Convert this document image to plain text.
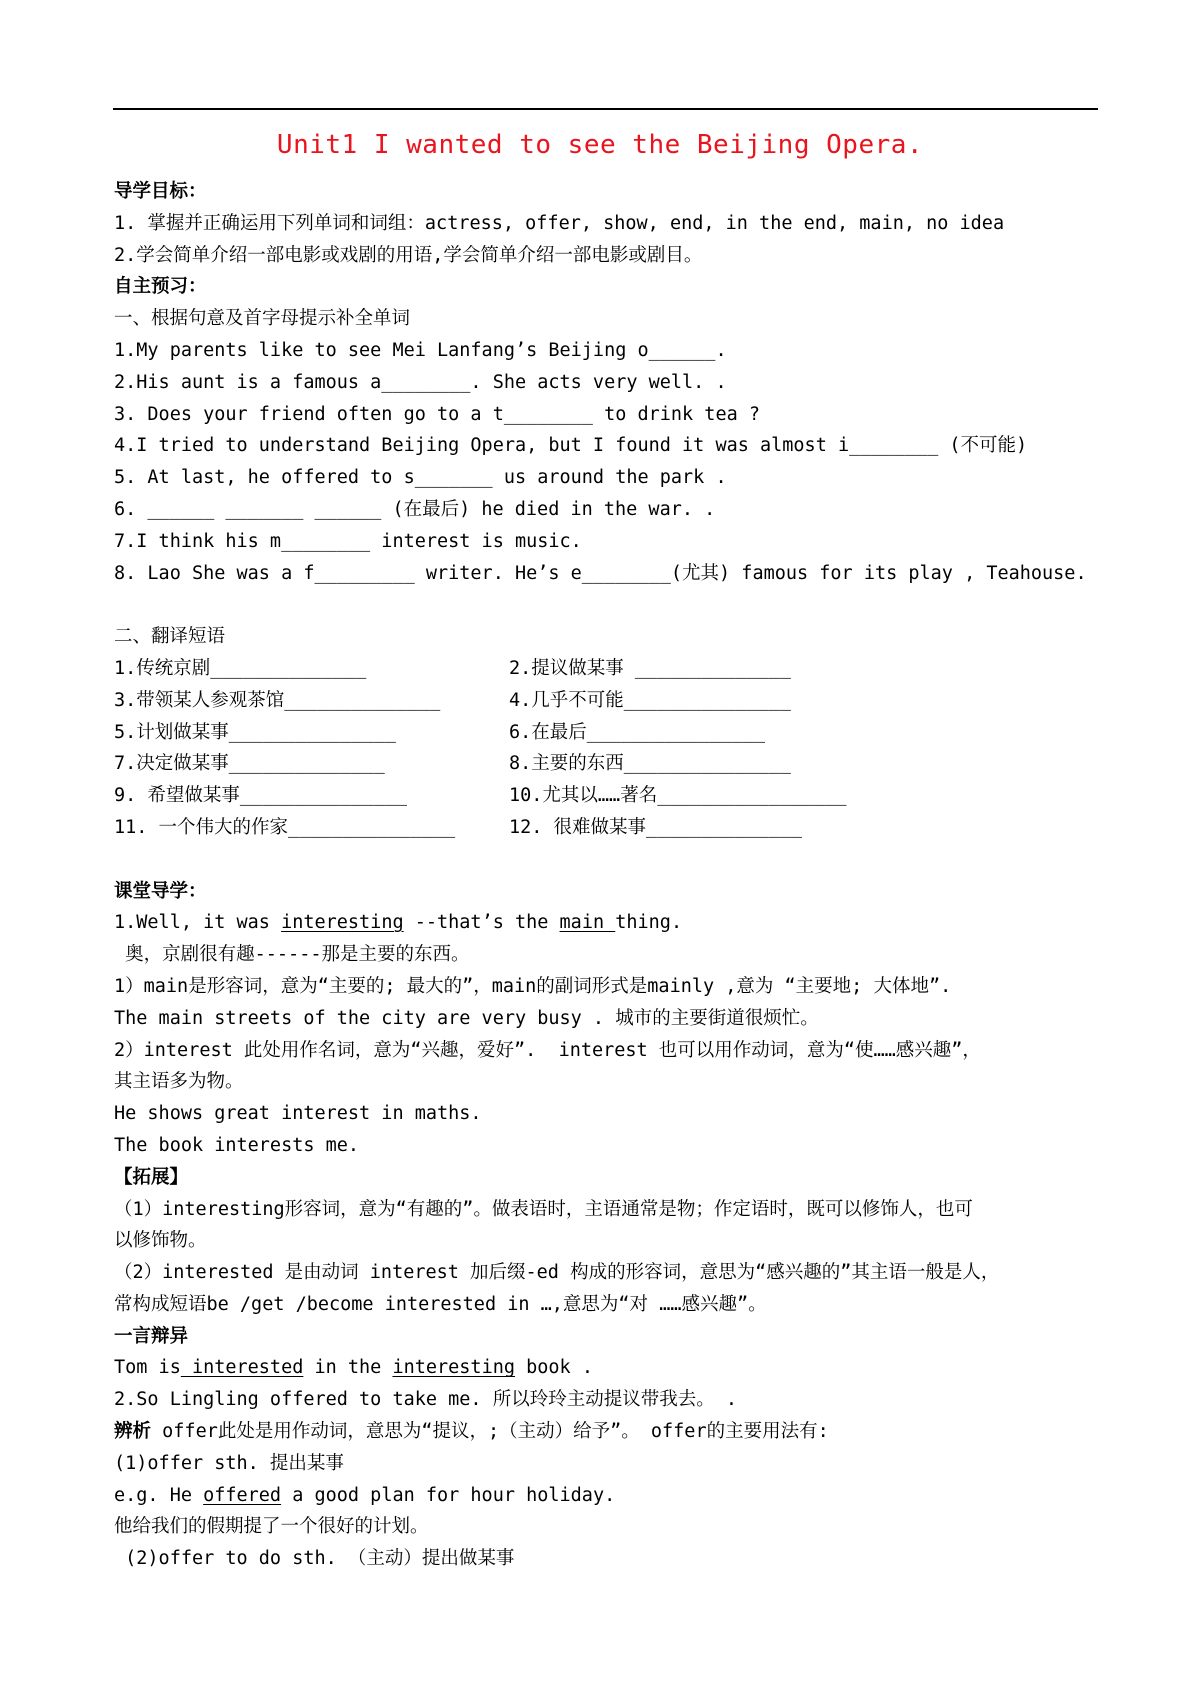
Unit1 I wanted to see the Beijing Opera.
导学目标：
1. 掌握并正确运用下列单词和词组：actress, offer, show, end, in the end, main, no idea
2.学会简单介绍一部电影或戏剧的用语,学会简单介绍一部电影或剧目。
自主预习：
一、根据句意及首字母提示补全单词
1.My parents like to see Mei Lanfang’s Beijing o______.
2.His aunt is a famous a________. She acts very well. .
3. Does your friend often go to a t________ to drink tea ?
4.I tried to understand Beijing Opera, but I found it was almost i________ (不可能)
5. At last, he offered to s_______ us around the park .
6. ______ _______ ______ (在最后) he died in the war. .
7.I think his m________ interest is music.
8. Lao She was a f_________ writer. He’s e________(尤其) famous for its play , Teahouse.
二、翻译短语
1.传统京剧______________	2.提议做某事 ______________
3.带领某人参观茶馆______________	4.几乎不可能_______________
5.计划做某事_______________	6.在最后________________
7.决定做某事______________	8.主要的东西_______________
9. 希望做某事_______________	10.尤其以……著名_________________
11. 一个伟大的作家_______________	12. 很难做某事______________
课堂导学：
1.Well, it was interesting --that’s the main thing.
奥，京剧很有趣------那是主要的东西。
1）main是形容词，意为“主要的; 最大的”，main的副词形式是mainly ,意为 “主要地; 大体地”.
The main streets of the city are very busy . 城市的主要街道很烦忙。
2）interest 此处用作名词，意为“兴趣，爱好”.  interest 也可以用作动词，意为“使……感兴趣”，
其主语多为物。
He shows great interest in maths.
The book interests me.
【拓展】
（1）interesting形容词，意为“有趣的”。做表语时，主语通常是物；作定语时，既可以修饰人，也可
以修饰物。
（2）interested 是由动词 interest 加后缀-ed 构成的形容词，意思为“感兴趣的”其主语一般是人，
常构成短语be /get /become interested in …,意思为“对 ……感兴趣”。
一言辩异
Tom is interested in the interesting book .
2.So Lingling offered to take me. 所以玲玲主动提议带我去。 .
辨析 offer此处是用作动词，意思为“提议，;（主动）给予”。 offer的主要用法有:
(1)offer sth. 提出某事
e.g. He offered a good plan for hour holiday.
他给我们的假期提了一个很好的计划。
(2)offer to do sth. （主动）提出做某事
